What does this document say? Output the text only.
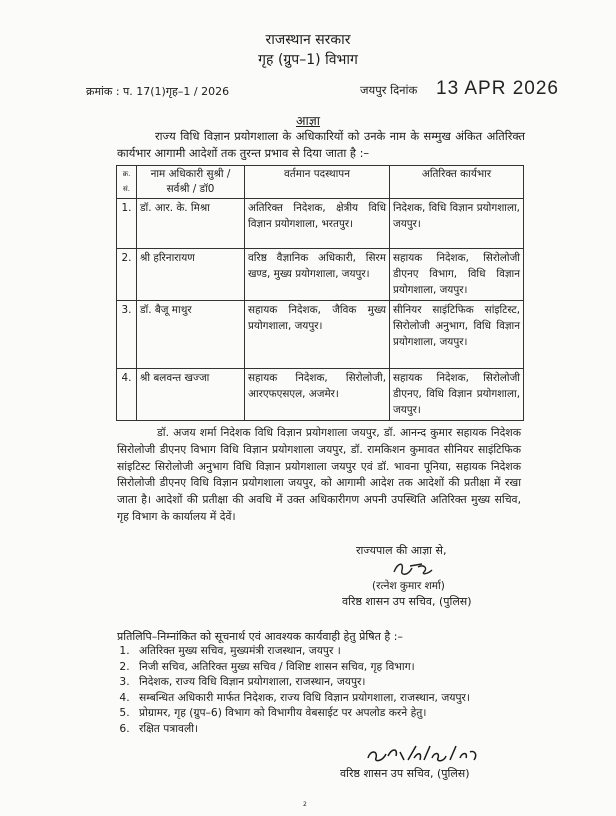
राजस्थान सरकार
गृह (ग्रुप–1) विभाग
क्रमांक : प. 17(1)गृह–1 / 2026	जयपुर दिनांक 13 APR 2026
आज्ञा
राज्य विधि विज्ञान प्रयोगशाला के अधिकारियों को उनके नाम के सम्मुख अंकित अतिरिक्त कार्यभार आगामी आदेशों तक तुरन्त प्रभाव से दिया जाता है :–
क्र. सं.	नाम अधिकारी सुश्री / सर्वश्री / डॉ0	वर्तमान पदस्थापन	अतिरिक्त कार्यभार
1.	डॉ. आर. के. मिश्रा	अतिरिक्त निदेशक, क्षेत्रीय विधि विज्ञान प्रयोगशाला, भरतपुर।	निदेशक, विधि विज्ञान प्रयोगशाला, जयपुर।
2.	श्री हरिनारायण	वरिष्ठ वैज्ञानिक अधिकारी, सिरम खण्ड, मुख्य प्रयोगशाला, जयपुर।	सहायक निदेशक, सिरोलोजी डीएनए विभाग, विधि विज्ञान प्रयोगशाला, जयपुर।
3.	डॉ. बैजू माथुर	सहायक निदेशक, जैविक मुख्य प्रयोगशाला, जयपुर।	सीनियर साइंटिफिक सांइटिस्ट, सिरोलोजी अनुभाग, विधि विज्ञान प्रयोगशाला, जयपुर।
4.	श्री बलवन्त खज्जा	सहायक निदेशक, सिरोलोजी, आरएफएसएल, अजमेर।	सहायक निदेशक, सिरोलोजी डीएनए, विधि विज्ञान प्रयोगशाला, जयपुर।
डॉ. अजय शर्मा निदेशक विधि विज्ञान प्रयोगशाला जयपुर, डॉ. आनन्द कुमार सहायक निदेशक सिरोलोजी डीएनए विभाग विधि विज्ञान प्रयोगशाला जयपुर, डॉ. रामकिशन कुमावत सीनियर साइंटिफिक सांइटिस्ट सिरोलोजी अनुभाग विधि विज्ञान प्रयोगशाला जयपुर एवं डॉ. भावना पूनिया, सहायक निदेशक सिरोलोजी डीएनए विधि विज्ञान प्रयोगशाला जयपुर, को आगामी आदेश तक आदेशों की प्रतीक्षा में रखा जाता है। आदेशों की प्रतीक्षा की अवधि में उक्त अधिकारीगण अपनी उपस्थिति अतिरिक्त मुख्य सचिव, गृह विभाग के कार्यालय में देवें।
राज्यपाल की आज्ञा से,
(रत्नेश कुमार शर्मा)
वरिष्ठ शासन उप सचिव, (पुलिस)
प्रतिलिपि–निम्नांकित को सूचनार्थ एवं आवश्यक कार्यवाही हेतु प्रेषित है :–
1. अतिरिक्त मुख्य सचिव, मुख्यमंत्री राजस्थान, जयपुर ।
2. निजी सचिव, अतिरिक्त मुख्य सचिव / विशिष्ट शासन सचिव, गृह विभाग।
3. निदेशक, राज्य विधि विज्ञान प्रयोगशाला, राजस्थान, जयपुर।
4. सम्बन्धित अधिकारी मार्फत निदेशक, राज्य विधि विज्ञान प्रयोगशाला, राजस्थान, जयपुर।
5. प्रोग्रामर, गृह (ग्रुप–6) विभाग को विभागीय वेबसाईट पर अपलोड करने हेतु।
6. रक्षित पत्रावली।
वरिष्ठ शासन उप सचिव, (पुलिस)
2
